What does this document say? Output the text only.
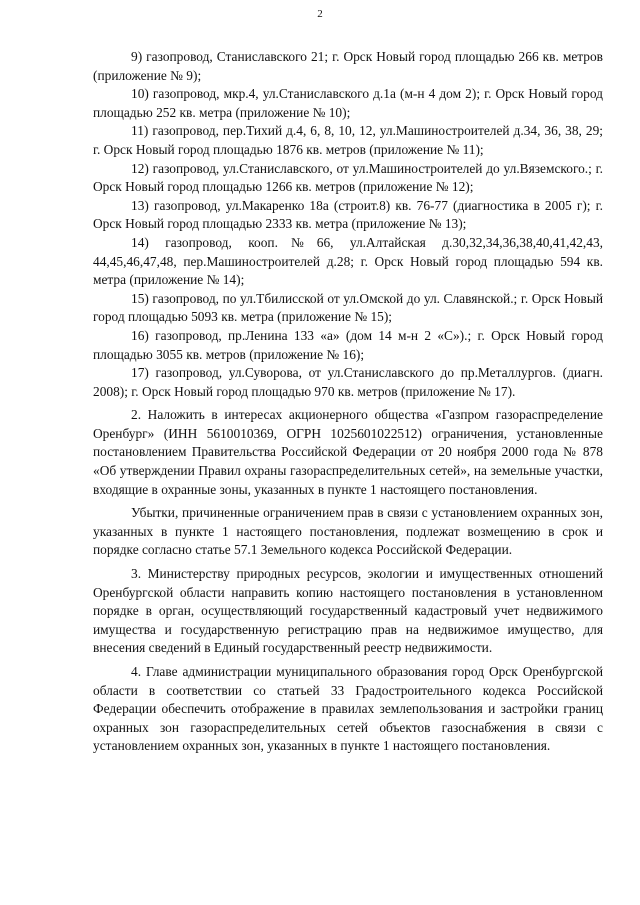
2

9) газопровод, Станиславского 21; г. Орск Новый город площадью 266 кв. метров (приложение № 9);

10) газопровод, мкр.4, ул.Станиславского д.1а (м-н 4 дом 2); г. Орск Новый город площадью 252 кв. метра (приложение № 10);

11) газопровод, пер.Тихий д.4, 6, 8, 10, 12, ул.Машиностроителей д.34, 36, 38, 29; г. Орск Новый город площадью 1876 кв. метров (приложение № 11);

12) газопровод, ул.Станиславского, от ул.Машиностроителей до ул.Вяземского.; г. Орск Новый город площадью 1266 кв. метров (приложение № 12);

13) газопровод, ул.Макаренко 18а (строит.8) кв. 76-77 (диагностика в 2005 г); г. Орск Новый город площадью 2333 кв. метра (приложение № 13);

14) газопровод, кооп.№66, ул.Алтайская д.30,32,34,36,38,40,41,42,43, 44,45,46,47,48, пер.Машиностроителей д.28; г. Орск Новый город площадью 594 кв. метра (приложение № 14);

15) газопровод, по ул.Тбилисской от ул.Омской до ул. Славянской.; г. Орск Новый город площадью 5093 кв. метра (приложение № 15);

16) газопровод, пр.Ленина 133 «а» (дом 14 м-н 2 «С»).; г. Орск Новый город площадью 3055 кв. метров (приложение № 16);

17) газопровод, ул.Суворова, от ул.Станиславского до пр.Металлургов. (диагн. 2008); г. Орск Новый город площадью 970 кв. метров (приложение № 17).

2. Наложить в интересах акционерного общества «Газпром газораспределение Оренбург» (ИНН 5610010369, ОГРН 1025601022512) ограничения, установленные постановлением Правительства Российской Федерации от 20 ноября 2000 года № 878 «Об утверждении Правил охраны газораспределительных сетей», на земельные участки, входящие в охранные зоны, указанных в пункте 1 настоящего постановления.

Убытки, причиненные ограничением прав в связи с установлением охранных зон, указанных в пункте 1 настоящего постановления, подлежат возмещению в срок и порядке согласно статье 57.1 Земельного кодекса Российской Федерации.

3. Министерству природных ресурсов, экологии и имущественных отношений Оренбургской области направить копию настоящего постановления в установленном порядке в орган, осуществляющий государственный кадастровый учет недвижимого имущества и государственную регистрацию прав на недвижимое имущество, для внесения сведений в Единый государственный реестр недвижимости.

4. Главе администрации муниципального образования город Орск Оренбургской области в соответствии со статьей 33 Градостроительного кодекса Российской Федерации обеспечить отображение в правилах землепользования и застройки границ охранных зон газораспределительных сетей объектов газоснабжения в связи с установлением охранных зон, указанных в пункте 1 настоящего постановления.
